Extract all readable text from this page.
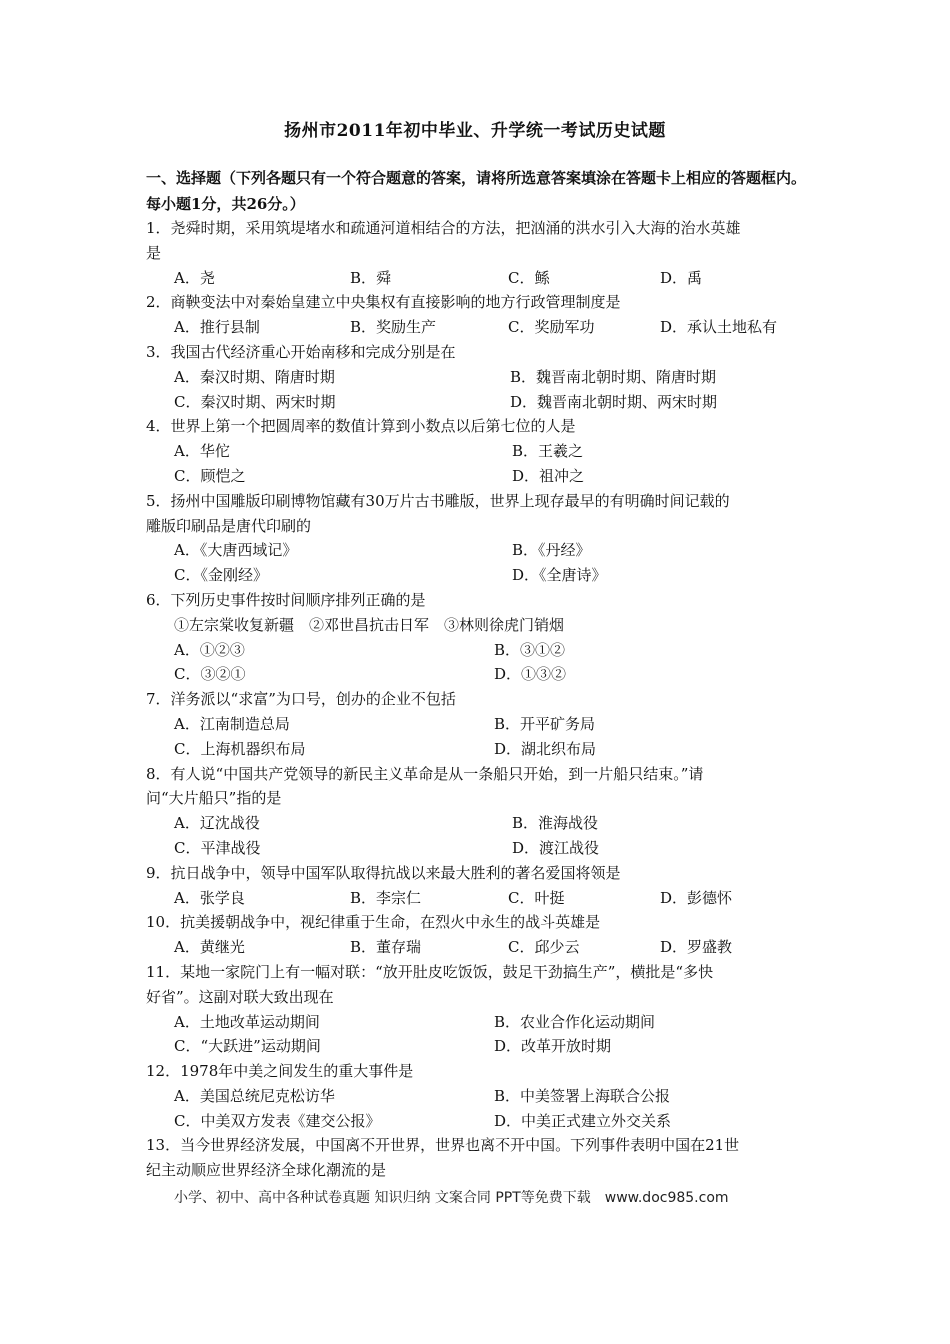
扬州市2011年初中毕业、升学统一考试历史试题
一、选择题（下列各题只有一个符合题意的答案，请将所选意答案填涂在答题卡上相应的答题框内。每小题1分，共26分。）
1．尧舜时期，采用筑堤堵水和疏通河道相结合的方法，把汹涌的洪水引入大海的治水英雄
是
A．尧	B．舜	C．鲧	D．禹
2．商鞅变法中对秦始皇建立中央集权有直接影响的地方行政管理制度是
A．推行县制	B．奖励生产	C．奖励军功	D．承认土地私有
3．我国古代经济重心开始南移和完成分别是在
A．秦汉时期、隋唐时期	B．魏晋南北朝时期、隋唐时期
C．秦汉时期、两宋时期	D．魏晋南北朝时期、两宋时期
4．世界上第一个把圆周率的数值计算到小数点以后第七位的人是
A．华佗	B．王羲之
C．顾恺之	D．祖冲之
5．扬州中国雕版印刷博物馆藏有30万片古书雕版，世界上现存最早的有明确时间记载的
雕版印刷品是唐代印刷的
A．《大唐西域记》	B．《丹经》
C．《金刚经》	D．《全唐诗》
6．下列历史事件按时间顺序排列正确的是
①左宗棠收复新疆　②邓世昌抗击日军　③林则徐虎门销烟
A．①②③	B．③①②
C．③②①	D．①③②
7．洋务派以“求富”为口号，创办的企业不包括
A．江南制造总局	B．开平矿务局
C．上海机器织布局	D．湖北织布局
8．有人说“中国共产党领导的新民主义革命是从一条船只开始，到一片船只结束。”请
问“大片船只”指的是
A．辽沈战役	B．淮海战役
C．平津战役	D．渡江战役
9．抗日战争中，领导中国军队取得抗战以来最大胜利的著名爱国将领是
A．张学良	B．李宗仁	C．叶挺	D．彭德怀
10．抗美援朝战争中，视纪律重于生命，在烈火中永生的战斗英雄是
A．黄继光	B．董存瑞	C．邱少云	D．罗盛教
11．某地一家院门上有一幅对联：“放开肚皮吃饭饭，鼓足干劲搞生产”，横批是“多快
好省”。这副对联大致出现在
A．土地改革运动期间	B．农业合作化运动期间
C．“大跃进”运动期间	D．改革开放时期
12．1978年中美之间发生的重大事件是
A．美国总统尼克松访华	B．中美签署上海联合公报
C．中美双方发表《建交公报》	D．中美正式建立外交关系
13．当今世界经济发展，中国离不开世界，世界也离不开中国。下列事件表明中国在21世
纪主动顺应世界经济全球化潮流的是
小学、初中、高中各种试卷真题 知识归纳 文案合同 PPT等免费下载　www.doc985.com
